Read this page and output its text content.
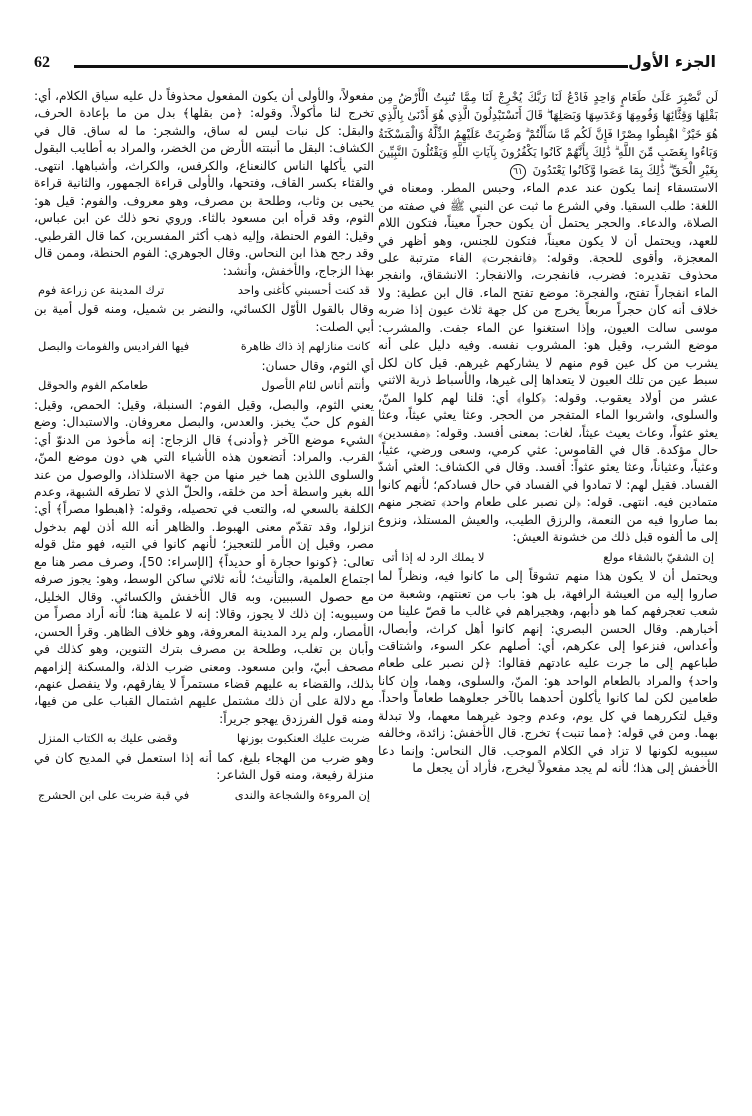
62	الجزء الأول

لَن نَّصْبِرَ عَلَىٰ طَعَامٍ وَاحِدٍ فَادْعُ لَنَا رَبَّكَ يُخْرِجْ لَنَا مِمَّا تُنبِتُ الْأَرْضُ مِن بَقْلِهَا وَقِثَّائِهَا وَفُومِهَا وَعَدَسِهَا وَبَصَلِهَا ۖ قَالَ أَتَسْتَبْدِلُونَ الَّذِي هُوَ أَدْنَىٰ بِالَّذِي هُوَ خَيْرٌ ۚ اهْبِطُوا مِصْرًا فَإِنَّ لَكُم مَّا سَأَلْتُمْ ۗ وَضُرِبَتْ عَلَيْهِمُ الذِّلَّةُ وَالْمَسْكَنَةُ وَبَاءُوا بِغَضَبٍ مِّنَ اللَّهِ ۗ ذَٰلِكَ بِأَنَّهُمْ كَانُوا يَكْفُرُونَ بِآيَاتِ اللَّهِ وَيَقْتُلُونَ النَّبِيِّينَ بِغَيْرِ الْحَقِّ ۗ ذَٰلِكَ بِمَا عَصَوا وَّكَانُوا يَعْتَدُونَ ٦١

الاستسقاء إنما يكون عند عدم الماء، وحبس المطر. ومعناه في اللغة: طلب السقيا. وفي الشرع ما ثبت عن النبي ﷺ في صفته من الصلاة، والدعاء. والحجر يحتمل أن يكون حجراً معيناً، فتكون اللام للعهد، ويحتمل أن لا يكون معيناً، فتكون للجنس، وهو أظهر في المعجزة، وأقوى للحجة. وقوله: ﴿فانفجرت﴾ الفاء مترتبة على محذوف تقديره: فضرب، فانفجرت، والانفجار: الانشقاق، وانفجر الماء انفجاراً تفتح، والفجرة: موضع تفتح الماء. قال ابن عطية: ولا خلاف أنه كان حجراً مربعاً يخرج من كل جهة ثلاث عيون إذا ضربه موسى سالت العيون، وإذا استغنوا عن الماء جفت. والمشرب: موضع الشرب، وقيل هو: المشروب نفسه. وفيه دليل على أنه يشرب من كل عين قوم منهم لا يشاركهم غيرهم. قيل كان لكل سبط عين من تلك العيون لا يتعداها إلى غيرها، والأسباط ذرية الاثني عشر من أولاد يعقوب. وقوله: ﴿كلوا﴾ أي: قلنا لهم كلوا المنّ، والسلوى، واشربوا الماء المتفجر من الحجر. وعثا يعثي عيثاً، وعثا يعثو عثواً، وعاث يعيث عيثاً، لغات: بمعنى أفسد. وقوله: ﴿مفسدين﴾ حال مؤكدة. قال في القاموس: عثي كرمي، وسعى ورضي، عثياً، وعثياً، وعثياناً، وعثا يعثو عثواً: أفسد. وقال في الكشاف: العثي أشدّ الفساد. فقيل لهم: لا تمادوا في الفساد في حال فسادكم؛ لأنهم كانوا متمادين فيه. انتهى. قوله: ﴿لن نصبر على طعام واحد﴾ تضجر منهم بما صاروا فيه من النعمة، والرزق الطيب، والعيش المستلذ، ونزوع إلى ما ألفوه قبل ذلك من خشونة العيش:

إن الشقيّ بالشقاء مولع
لا يملك الرد له إذا أتى

ويحتمل أن لا يكون هذا منهم تشوقاً إلى ما كانوا فيه، ونظراً لما صاروا إليه من العيشة الرافهة، بل هو: باب من تعنتهم، وشعبة من شعب تعجرفهم كما هو دأبهم، وهجيراهم في غالب ما قصّ علينا من أخبارهم. وقال الحسن البصري: إنهم كانوا أهل كراث، وأبصال، وأعداس، فنزعوا إلى عكرهم، أي: أصلهم عكر السوء، واشتاقت طباعهم إلى ما جرت عليه عادتهم فقالوا: ﴿لن نصبر على طعام واحد﴾ والمراد بالطعام الواحد هو: المنّ، والسلوى، وهما، وإن كانا طعامين لكن لما كانوا يأكلون أحدهما بالآخر جعلوهما طعاماً واحداً. وقيل لتكررهما في كل يوم، وعدم وجود غيرهما معهما، ولا تبدلة بهما. ومن في قوله: ﴿مما تنبت﴾ تخرج. قال الأخفش: زائدة، وخالفه سيبويه لكونها لا تزاد في الكلام الموجب. قال النحاس: وإنما دعا الأخفش إلى هذا؛ لأنه لم يجد مفعولاً ليخرج، فأراد أن يجعل ما

مفعولاً، والأولى أن يكون المفعول محذوفاً دل عليه سياق الكلام، أي: تخرج لنا مأكولاً. وقوله: ﴿من بقلها﴾ بدل من ما بإعادة الحرف، والبقل: كل نبات ليس له ساق، والشجر: ما له ساق. قال في الكشاف: البقل ما أنبتته الأرض من الخضر، والمراد به أطايب البقول التي يأكلها الناس كالنعناع، والكرفس، والكراث، وأشباهها. انتهى. والقثاء بكسر القاف، وفتحها، والأولى قراءة الجمهور، والثانية قراءة يحيى بن وثاب، وطلحة بن مصرف، وهو معروف. والفوم: قيل هو: الثوم، وقد قرأه ابن مسعود بالثاء. وروي نحو ذلك عن ابن عباس، وقيل: الفوم الحنطة، وإليه ذهب أكثر المفسرين، كما قال القرطبي. وقد رجح هذا ابن النحاس. وقال الجوهري: الفوم الحنطة، وممن قال بهذا الزجاج، والأخفش، وأنشد:

قد كنت أحسبني كأغنى واحد
ترك المدينة عن زراعة فوم

وقال بالقول الأوّل الكسائي، والنضر بن شميل، ومنه قول أمية بن أبي الصلت:

كانت منازلهم إذ ذاك ظاهرة
فيها الفراديس والفومات والبصل

أي الثوم، وقال حسان:

وأنتم أناس لئام الأصول
طعامكم الفوم والحوقل

يعني الثوم، والبصل، وقيل الفوم: السنبلة، وقيل: الحمص، وقيل: الفوم كل حبّ يخبز. والعدس، والبصل معروفان. والاستبدال: وضع الشيء موضع الآخر ﴿وأدنى﴾ قال الزجاج: إنه مأخوذ من الدنوّ أي: القرب. والمراد: أتضعون هذه الأشياء التي هي دون موضع المنّ، والسلوى اللذين هما خير منها من جهة الاستلذاذ، والوصول من عند الله بغير واسطة أحد من خلقه، والحلّ الذي لا تطرقه الشبهة، وعدم الكلفة بالسعي له، والتعب في تحصيله، وقوله: ﴿اهبطوا مصراً﴾ أي: انزلوا، وقد تقدّم معنى الهبوط. والظاهر أنه الله أذن لهم بدخول مصر، وقيل إن الأمر للتعجيز؛ لأنهم كانوا في التيه، فهو مثل قوله تعالى: ﴿كونوا حجارة أو حديداً﴾ [الإسراء: 50]، وصرف مصر هنا مع اجتماع العلمية، والتأنيث؛ لأنه ثلاثي ساكن الوسط، وهو: يجوز صرفه مع حصول السببين، وبه قال الأخفش والكسائي. وقال الخليل، وسيبويه: إن ذلك لا يجوز، وقالا: إنه لا علمية هنا؛ لأنه أراد مصراً من الأمصار، ولم يرد المدينة المعروفة، وهو خلاف الظاهر. وقرأ الحسن، وأبان بن تغلب، وطلحة بن مصرف بترك التنوين، وهو كذلك في مصحف أبيّ، وابن مسعود. ومعنى ضرب الذلة، والمسكنة إلزامهم بذلك، والقضاء به عليهم قضاء مستمراً لا يفارقهم، ولا ينفصل عنهم، مع دلالة على أن ذلك مشتمل عليهم اشتمال القباب على من فيها، ومنه قول الفرزدق يهجو جريراً:

ضربت عليك العنكبوت بوزنها
وقضى عليك به الكتاب المنزل

وهو ضرب من الهجاء بليغ، كما أنه إذا استعمل في المديح كان في منزلة رفيعة، ومنه قول الشاعر:

إن المروءة والشجاعة والندى
في قبة ضربت على ابن الحشرج
